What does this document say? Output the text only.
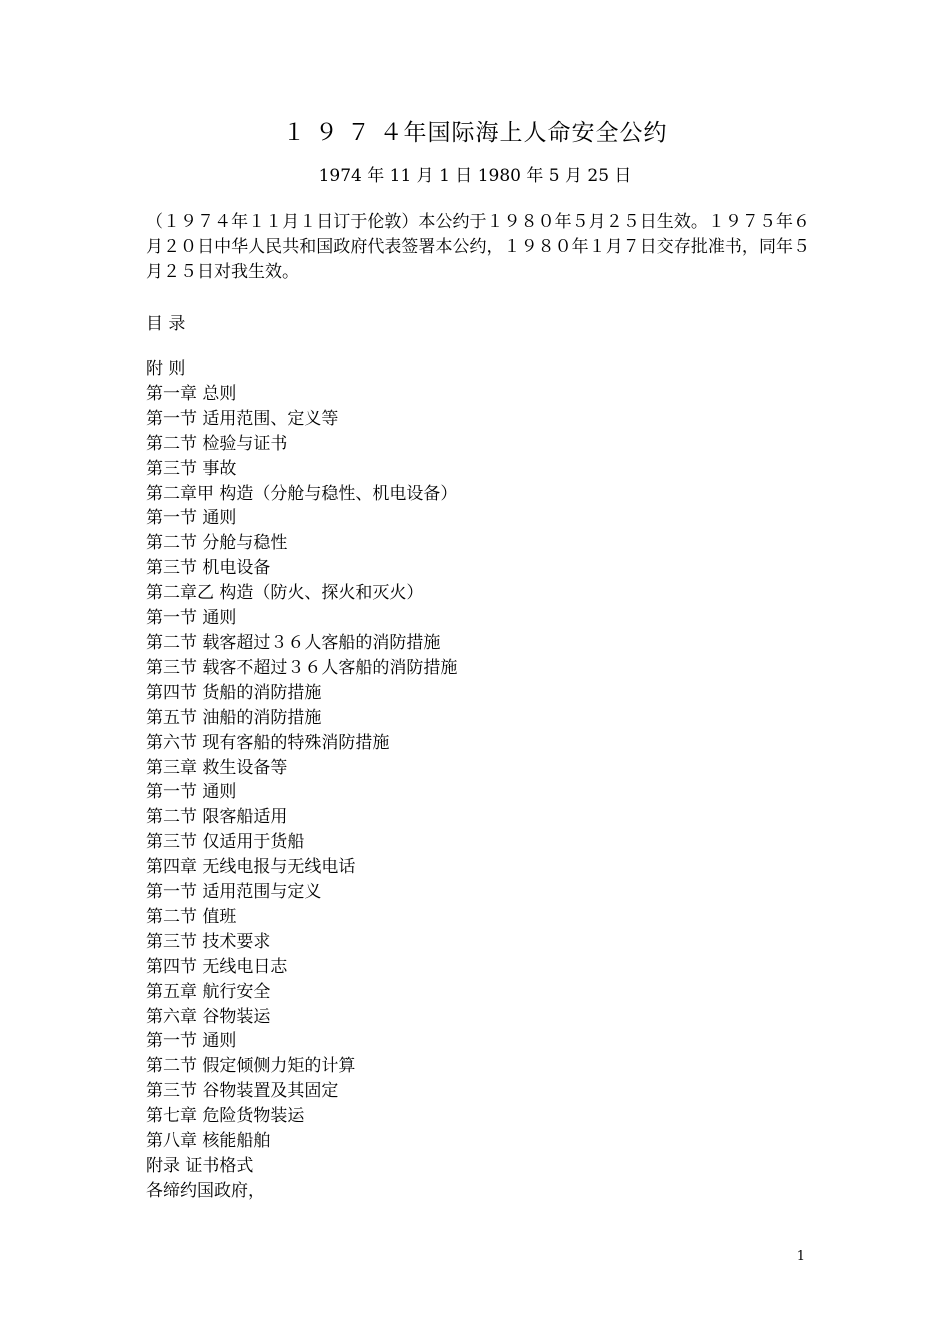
１ ９ ７ ４年国际海上人命安全公约
1974 年 11 月 1 日 1980 年 5 月 25 日
（１９７４年１１月１日订于伦敦）本公约于１９８０年５月２５日生效。１９７５年６月２０日中华人民共和国政府代表签署本公约，１９８０年１月７日交存批准书，同年５月２５日对我生效。
目 录
附 则
第一章 总则
第一节 适用范围、定义等
第二节 检验与证书
第三节 事故
第二章甲 构造（分舱与稳性、机电设备）
第一节 通则
第二节 分舱与稳性
第三节 机电设备
第二章乙 构造（防火、探火和灭火）
第一节 通则
第二节 载客超过３６人客船的消防措施
第三节 载客不超过３６人客船的消防措施
第四节 货船的消防措施
第五节 油船的消防措施
第六节 现有客船的特殊消防措施
第三章 救生设备等
第一节 通则
第二节 限客船适用
第三节 仅适用于货船
第四章 无线电报与无线电话
第一节 适用范围与定义
第二节 值班
第三节 技术要求
第四节 无线电日志
第五章 航行安全
第六章 谷物装运
第一节 通则
第二节 假定倾侧力矩的计算
第三节 谷物装置及其固定
第七章 危险货物装运
第八章 核能船舶
附录 证书格式
各缔约国政府，
1
